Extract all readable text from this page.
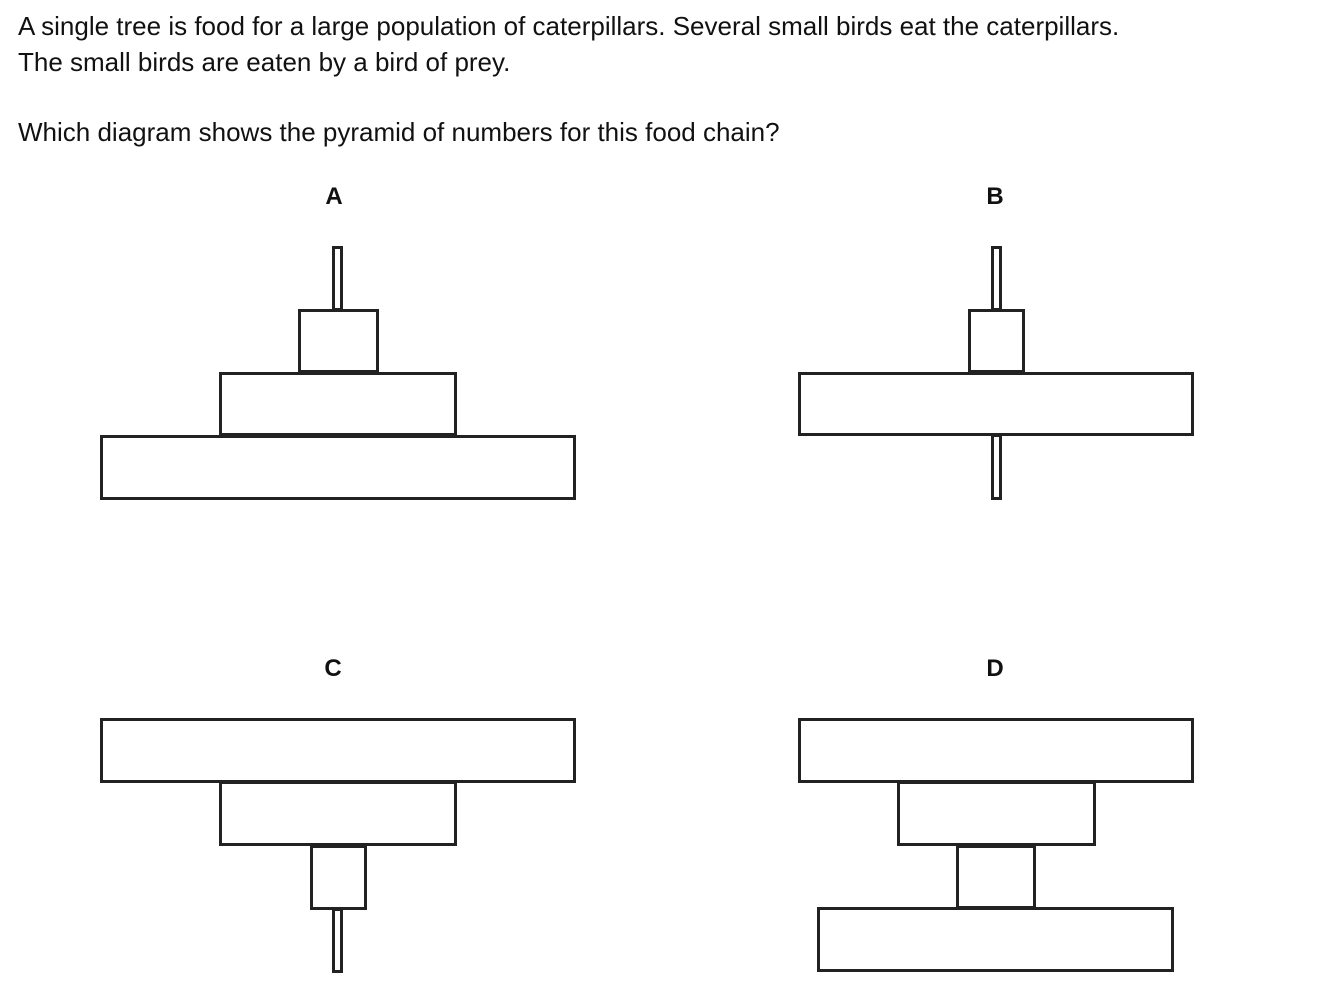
A single tree is food for a large population of caterpillars. Several small birds eat the caterpillars.
The small birds are eaten by a bird of prey.
Which diagram shows the pyramid of numbers for this food chain?
A	B
C	D
